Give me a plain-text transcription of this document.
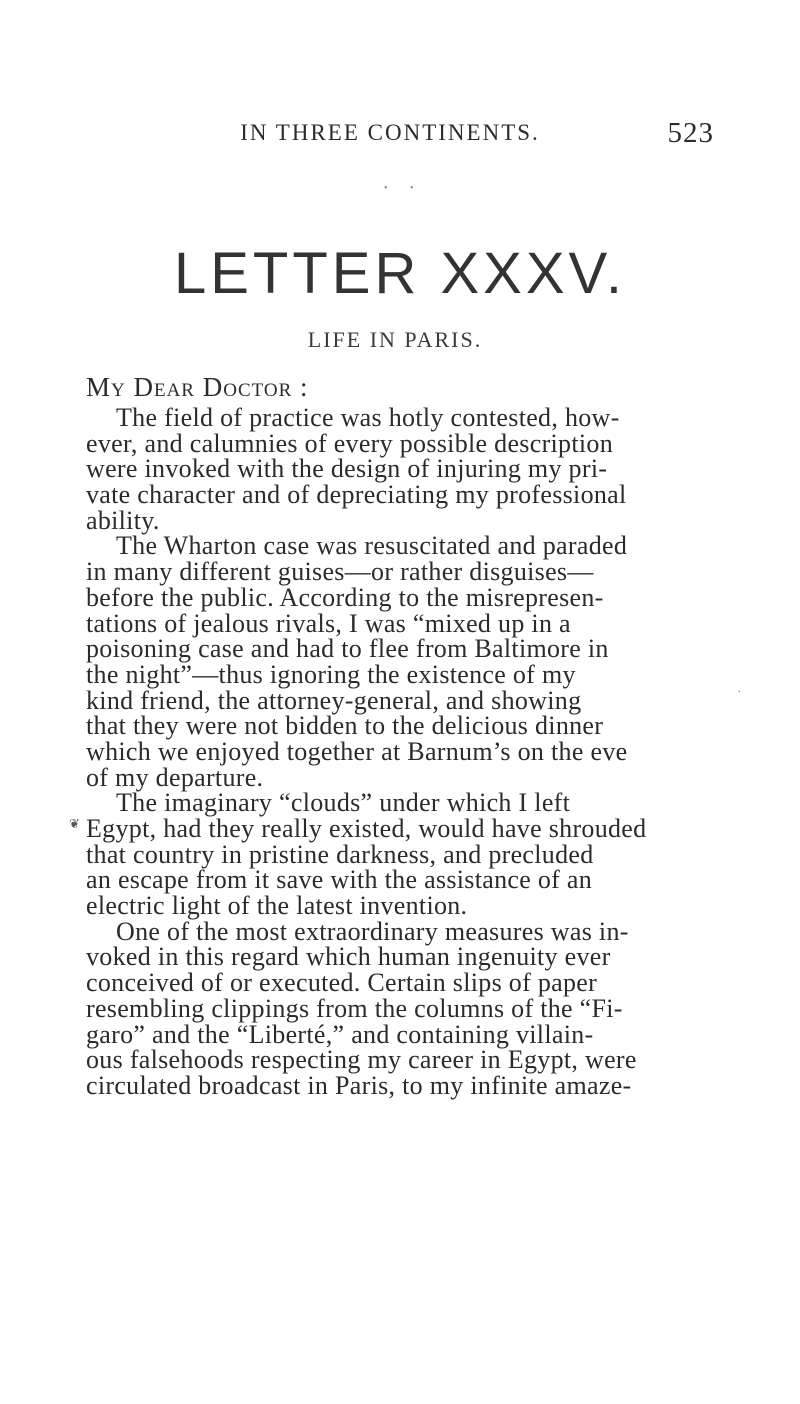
IN THREE CONTINENTS.	523
• •
LETTER XXXV.
LIFE IN PARIS.
My Dear Doctor :
The field of practice was hotly contested, how-
ever, and calumnies of every possible description
were invoked with the design of injuring my pri-
vate character and of depreciating my professional
ability.
The Wharton case was resuscitated and paraded
in many different guises—or rather disguises—
before the public. According to the misrepresen-
tations of jealous rivals, I was “mixed up in a
poisoning case and had to flee from Baltimore in
the night”—thus ignoring the existence of my
kind friend, the attorney-general, and showing
that they were not bidden to the delicious dinner
which we enjoyed together at Barnum’s on the eve
of my departure.
The imaginary “clouds” under which I left
Egypt, had they really existed, would have shrouded
that country in pristine darkness, and precluded
an escape from it save with the assistance of an
electric light of the latest invention.
One of the most extraordinary measures was in-
voked in this regard which human ingenuity ever
conceived of or executed. Certain slips of paper
resembling clippings from the columns of the “Fi-
garo” and the “Liberté,” and containing villain-
ous falsehoods respecting my career in Egypt, were
circulated broadcast in Paris, to my infinite amaze-
.
❦
